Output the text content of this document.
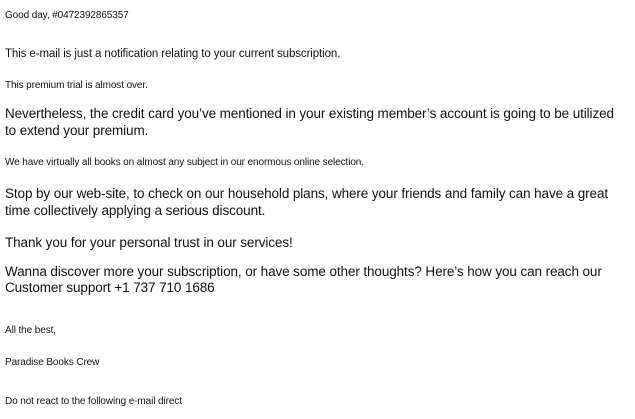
Good day, #0472392865357
This e-mail is just a notification relating to your current subscription.
This premium trial is almost over.
Nevertheless, the credit card you’ve mentioned in your existing member’s account is going to be utilized to extend your premium.
We have virtually all books on almost any subject in our enormous online selection.
Stop by our web-site, to check on our household plans, where your friends and family can have a great time collectively applying a serious discount.
Thank you for your personal trust in our services!
Wanna discover more your subscription, or have some other thoughts? Here’s how you can reach our
Customer support +1 737 710 1686
All the best,
Paradise Books Crew
Do not react to the following e-mail direct
